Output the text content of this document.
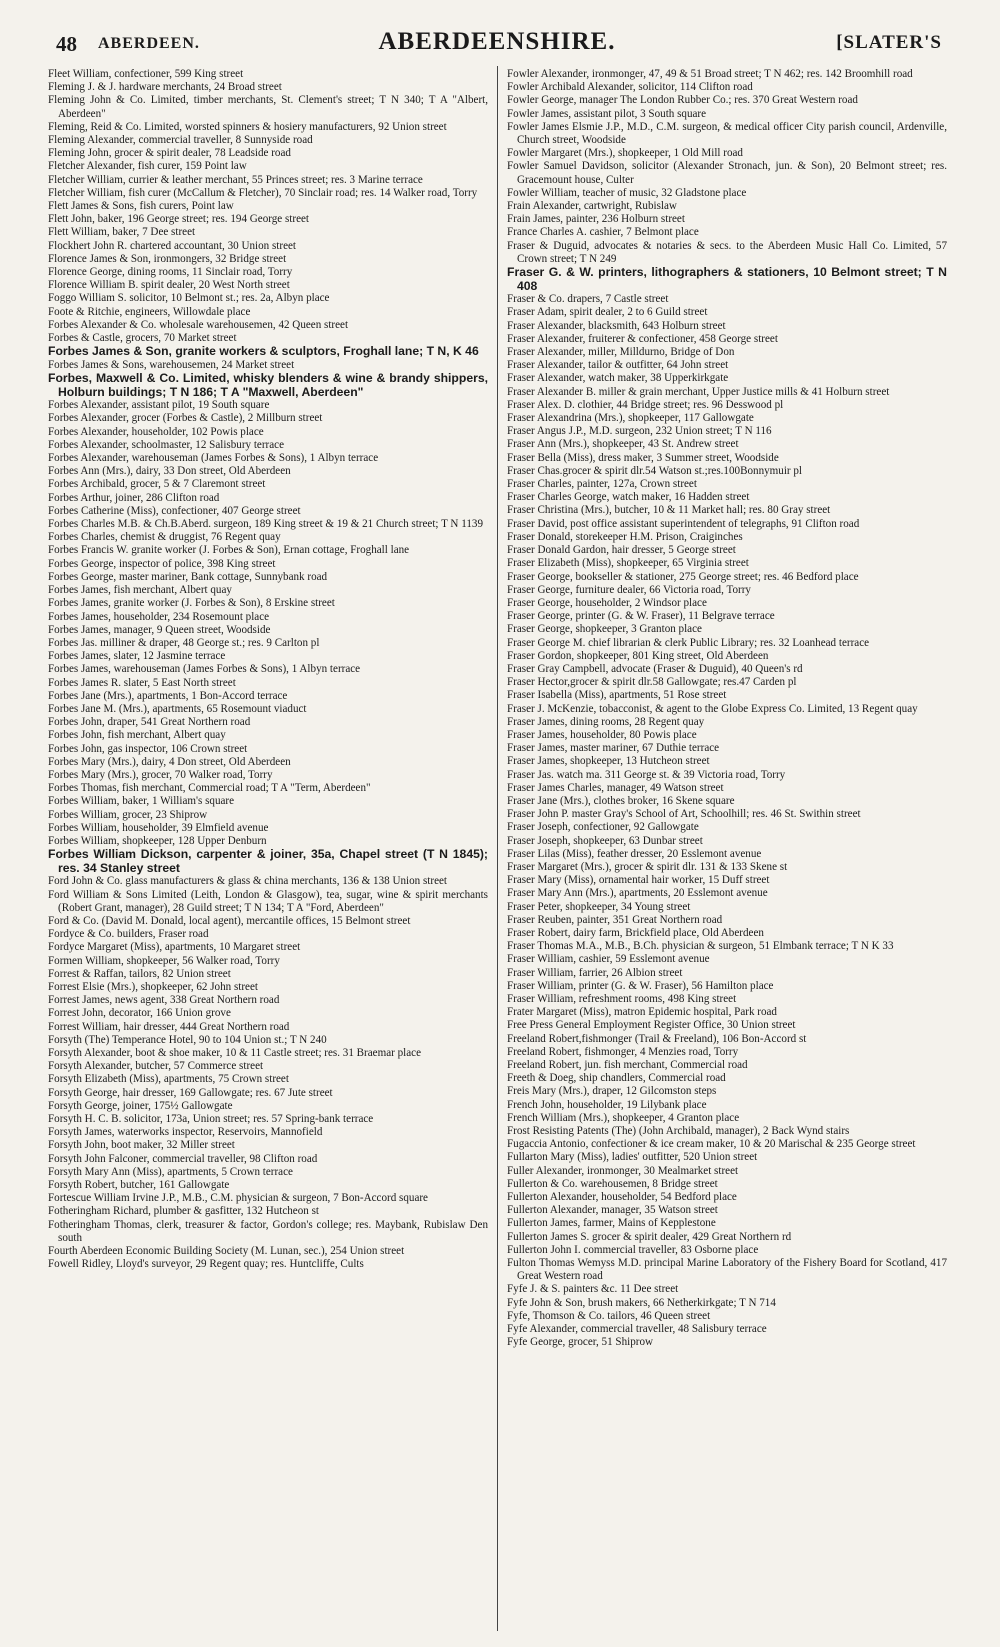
48 ABERDEEN.	ABERDEENSHIRE.	[SLATER'S

Fleet William, confectioner, 599 King street

Fleming J. & J. hardware merchants, 24 Broad street

Fleming John & Co. Limited, timber merchants, St. Clement's street; T N 340; T A "Albert, Aberdeen"

Fleming, Reid & Co. Limited, worsted spinners & hosiery manufacturers, 92 Union street

Fleming Alexander, commercial traveller, 8 Sunnyside road

Fleming John, grocer & spirit dealer, 78 Leadside road

Fletcher Alexander, fish curer, 159 Point law

Fletcher William, currier & leather merchant, 55 Princes street; res. 3 Marine terrace

Fletcher William, fish curer (McCallum & Fletcher), 70 Sinclair road; res. 14 Walker road, Torry

Flett James & Sons, fish curers, Point law

Flett John, baker, 196 George street; res. 194 George street

Flett William, baker, 7 Dee street

Flockhert John R. chartered accountant, 30 Union street

Florence James & Son, ironmongers, 32 Bridge street

Florence George, dining rooms, 11 Sinclair road, Torry

Florence William B. spirit dealer, 20 West North street

Foggo William S. solicitor, 10 Belmont st.; res. 2a, Albyn place

Foote & Ritchie, engineers, Willowdale place

Forbes Alexander & Co. wholesale warehousemen, 42 Queen street

Forbes & Castle, grocers, 70 Market street

Forbes James & Son, granite workers & sculptors, Froghall lane; T N, K 46

Forbes James & Sons, warehousemen, 24 Market street

Forbes, Maxwell & Co. Limited, whisky blenders & wine & brandy shippers, Holburn buildings; T N 186; T A "Maxwell, Aberdeen"

Forbes Alexander, assistant pilot, 19 South square

Forbes Alexander, grocer (Forbes & Castle), 2 Millburn street

Forbes Alexander, householder, 102 Powis place

Forbes Alexander, schoolmaster, 12 Salisbury terrace

Forbes Alexander, warehouseman (James Forbes & Sons), 1 Albyn terrace

Forbes Ann (Mrs.), dairy, 33 Don street, Old Aberdeen

Forbes Archibald, grocer, 5 & 7 Claremont street

Forbes Arthur, joiner, 286 Clifton road

Forbes Catherine (Miss), confectioner, 407 George street

Forbes Charles M.B. & Ch.B.Aberd. surgeon, 189 King street & 19 & 21 Church street; T N 1139

Forbes Charles, chemist & druggist, 76 Regent quay

Forbes Francis W. granite worker (J. Forbes & Son), Ernan cottage, Froghall lane

Forbes George, inspector of police, 398 King street

Forbes George, master mariner, Bank cottage, Sunnybank road

Forbes James, fish merchant, Albert quay

Forbes James, granite worker (J. Forbes & Son), 8 Erskine street

Forbes James, householder, 234 Rosemount place

Forbes James, manager, 9 Queen street, Woodside

Forbes Jas. milliner & draper, 48 George st.; res. 9 Carlton pl

Forbes James, slater, 12 Jasmine terrace

Forbes James, warehouseman (James Forbes & Sons), 1 Albyn terrace

Forbes James R. slater, 5 East North street

Forbes Jane (Mrs.), apartments, 1 Bon-Accord terrace

Forbes Jane M. (Mrs.), apartments, 65 Rosemount viaduct

Forbes John, draper, 541 Great Northern road

Forbes John, fish merchant, Albert quay

Forbes John, gas inspector, 106 Crown street

Forbes Mary (Mrs.), dairy, 4 Don street, Old Aberdeen

Forbes Mary (Mrs.), grocer, 70 Walker road, Torry

Forbes Thomas, fish merchant, Commercial road; T A "Term, Aberdeen"

Forbes William, baker, 1 William's square

Forbes William, grocer, 23 Shiprow

Forbes William, householder, 39 Elmfield avenue

Forbes William, shopkeeper, 128 Upper Denburn

Forbes William Dickson, carpenter & joiner, 35a, Chapel street (T N 1845); res. 34 Stanley street

Ford John & Co. glass manufacturers & glass & china merchants, 136 & 138 Union street

Ford William & Sons Limited (Leith, London & Glasgow), tea, sugar, wine & spirit merchants (Robert Grant, manager), 28 Guild street; T N 134; T A "Ford, Aberdeen"

Ford & Co. (David M. Donald, local agent), mercantile offices, 15 Belmont street

Fordyce & Co. builders, Fraser road

Fordyce Margaret (Miss), apartments, 10 Margaret street

Formen William, shopkeeper, 56 Walker road, Torry

Forrest & Raffan, tailors, 82 Union street

Forrest Elsie (Mrs.), shopkeeper, 62 John street

Forrest James, news agent, 338 Great Northern road

Forrest John, decorator, 166 Union grove

Forrest William, hair dresser, 444 Great Northern road

Forsyth (The) Temperance Hotel, 90 to 104 Union st.; T N 240

Forsyth Alexander, boot & shoe maker, 10 & 11 Castle street; res. 31 Braemar place

Forsyth Alexander, butcher, 57 Commerce street

Forsyth Elizabeth (Miss), apartments, 75 Crown street

Forsyth George, hair dresser, 169 Gallowgate; res. 67 Jute street

Forsyth George, joiner, 175½ Gallowgate

Forsyth H. C. B. solicitor, 173a, Union street; res. 57 Spring-bank terrace

Forsyth James, waterworks inspector, Reservoirs, Mannofield

Forsyth John, boot maker, 32 Miller street

Forsyth John Falconer, commercial traveller, 98 Clifton road

Forsyth Mary Ann (Miss), apartments, 5 Crown terrace

Forsyth Robert, butcher, 161 Gallowgate

Fortescue William Irvine J.P., M.B., C.M. physician & surgeon, 7 Bon-Accord square

Fotheringham Richard, plumber & gasfitter, 132 Hutcheon st

Fotheringham Thomas, clerk, treasurer & factor, Gordon's college; res. Maybank, Rubislaw Den south

Fourth Aberdeen Economic Building Society (M. Lunan, sec.), 254 Union street

Fowell Ridley, Lloyd's surveyor, 29 Regent quay; res. Huntcliffe, Cults

Fowler Alexander, ironmonger, 47, 49 & 51 Broad street; T N 462; res. 142 Broomhill road

Fowler Archibald Alexander, solicitor, 114 Clifton road

Fowler George, manager The London Rubber Co.; res. 370 Great Western road

Fowler James, assistant pilot, 3 South square

Fowler James Elsmie J.P., M.D., C.M. surgeon, & medical officer City parish council, Ardenville, Church street, Woodside

Fowler Margaret (Mrs.), shopkeeper, 1 Old Mill road

Fowler Samuel Davidson, solicitor (Alexander Stronach, jun. & Son), 20 Belmont street; res. Gracemount house, Culter

Fowler William, teacher of music, 32 Gladstone place

Frain Alexander, cartwright, Rubislaw

Frain James, painter, 236 Holburn street

France Charles A. cashier, 7 Belmont place

Fraser & Duguid, advocates & notaries & secs. to the Aberdeen Music Hall Co. Limited, 57 Crown street; T N 249

Fraser G. & W. printers, lithographers & stationers, 10 Belmont street; T N 408

Fraser & Co. drapers, 7 Castle street

Fraser Adam, spirit dealer, 2 to 6 Guild street

Fraser Alexander, blacksmith, 643 Holburn street

Fraser Alexander, fruiterer & confectioner, 458 George street

Fraser Alexander, miller, Milldurno, Bridge of Don

Fraser Alexander, tailor & outfitter, 64 John street

Fraser Alexander, watch maker, 38 Upperkirkgate

Fraser Alexander B. miller & grain merchant, Upper Justice mills & 41 Holburn street

Fraser Alex. D. clothier, 44 Bridge street; res. 96 Desswood pl

Fraser Alexandrina (Mrs.), shopkeeper, 117 Gallowgate

Fraser Angus J.P., M.D. surgeon, 232 Union street; T N 116

Fraser Ann (Mrs.), shopkeeper, 43 St. Andrew street

Fraser Bella (Miss), dress maker, 3 Summer street, Woodside

Fraser Chas.grocer & spirit dlr.54 Watson st.;res.100Bonnymuir pl

Fraser Charles, painter, 127a, Crown street

Fraser Charles George, watch maker, 16 Hadden street

Fraser Christina (Mrs.), butcher, 10 & 11 Market hall; res. 80 Gray street

Fraser David, post office assistant superintendent of telegraphs, 91 Clifton road

Fraser Donald, storekeeper H.M. Prison, Craiginches

Fraser Donald Gardon, hair dresser, 5 George street

Fraser Elizabeth (Miss), shopkeeper, 65 Virginia street

Fraser George, bookseller & stationer, 275 George street; res. 46 Bedford place

Fraser George, furniture dealer, 66 Victoria road, Torry

Fraser George, householder, 2 Windsor place

Fraser George, printer (G. & W. Fraser), 11 Belgrave terrace

Fraser George, shopkeeper, 3 Granton place

Fraser George M. chief librarian & clerk Public Library; res. 32 Loanhead terrace

Fraser Gordon, shopkeeper, 801 King street, Old Aberdeen

Fraser Gray Campbell, advocate (Fraser & Duguid), 40 Queen's rd

Fraser Hector,grocer & spirit dlr.58 Gallowgate; res.47 Carden pl

Fraser Isabella (Miss), apartments, 51 Rose street

Fraser J. McKenzie, tobacconist, & agent to the Globe Express Co. Limited, 13 Regent quay

Fraser James, dining rooms, 28 Regent quay

Fraser James, householder, 80 Powis place

Fraser James, master mariner, 67 Duthie terrace

Fraser James, shopkeeper, 13 Hutcheon street

Fraser Jas. watch ma. 311 George st. & 39 Victoria road, Torry

Fraser James Charles, manager, 49 Watson street

Fraser Jane (Mrs.), clothes broker, 16 Skene square

Fraser John P. master Gray's School of Art, Schoolhill; res. 46 St. Swithin street

Fraser Joseph, confectioner, 92 Gallowgate

Fraser Joseph, shopkeeper, 63 Dunbar street

Fraser Lilas (Miss), feather dresser, 20 Esslemont avenue

Fraser Margaret (Mrs.), grocer & spirit dlr. 131 & 133 Skene st

Fraser Mary (Miss), ornamental hair worker, 15 Duff street

Fraser Mary Ann (Mrs.), apartments, 20 Esslemont avenue

Fraser Peter, shopkeeper, 34 Young street

Fraser Reuben, painter, 351 Great Northern road

Fraser Robert, dairy farm, Brickfield place, Old Aberdeen

Fraser Thomas M.A., M.B., B.Ch. physician & surgeon, 51 Elmbank terrace; T N K 33

Fraser William, cashier, 59 Esslemont avenue

Fraser William, farrier, 26 Albion street

Fraser William, printer (G. & W. Fraser), 56 Hamilton place

Fraser William, refreshment rooms, 498 King street

Frater Margaret (Miss), matron Epidemic hospital, Park road

Free Press General Employment Register Office, 30 Union street

Freeland Robert,fishmonger (Trail & Freeland), 106 Bon-Accord st

Freeland Robert, fishmonger, 4 Menzies road, Torry

Freeland Robert, jun. fish merchant, Commercial road

Freeth & Doeg, ship chandlers, Commercial road

Freis Mary (Mrs.), draper, 12 Gilcomston steps

French John, householder, 19 Lilybank place

French William (Mrs.), shopkeeper, 4 Granton place

Frost Resisting Patents (The) (John Archibald, manager), 2 Back Wynd stairs

Fugaccia Antonio, confectioner & ice cream maker, 10 & 20 Marischal & 235 George street

Fullarton Mary (Miss), ladies' outfitter, 520 Union street

Fuller Alexander, ironmonger, 30 Mealmarket street

Fullerton & Co. warehousemen, 8 Bridge street

Fullerton Alexander, householder, 54 Bedford place

Fullerton Alexander, manager, 35 Watson street

Fullerton James, farmer, Mains of Kepplestone

Fullerton James S. grocer & spirit dealer, 429 Great Northern rd

Fullerton John I. commercial traveller, 83 Osborne place

Fulton Thomas Wemyss M.D. principal Marine Laboratory of the Fishery Board for Scotland, 417 Great Western road

Fyfe J. & S. painters &c. 11 Dee street

Fyfe John & Son, brush makers, 66 Netherkirkgate; T N 714

Fyfe, Thomson & Co. tailors, 46 Queen street

Fyfe Alexander, commercial traveller, 48 Salisbury terrace

Fyfe George, grocer, 51 Shiprow
